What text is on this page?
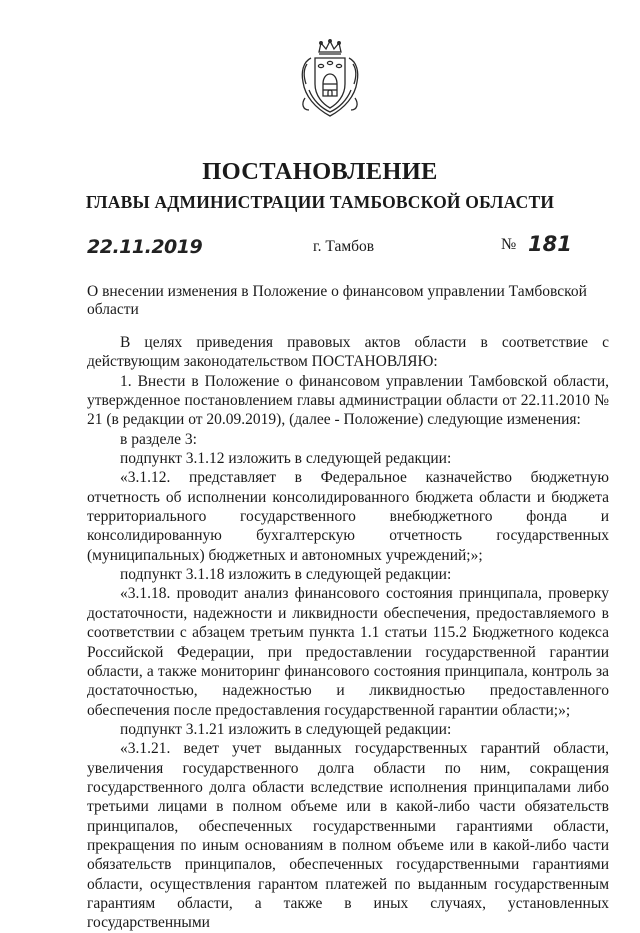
ПОСТАНОВЛЕНИЕ
ГЛАВЫ АДМИНИСТРАЦИИ ТАМБОВСКОЙ ОБЛАСТИ
22.11.2019	г. Тамбов	№ 181
О внесении изменения в Положение о финансовом управлении Тамбовской области

В целях приведения правовых актов области в соответствие с действующим законодательством ПОСТАНОВЛЯЮ:

1. Внести в Положение о финансовом управлении Тамбовской области, утвержденное постановлением главы администрации области от 22.11.2010 № 21 (в редакции от 20.09.2019), (далее - Положение) следующие изменения:

в разделе 3:

подпункт 3.1.12 изложить в следующей редакции:

«3.1.12. представляет в Федеральное казначейство бюджетную отчетность об исполнении консолидированного бюджета области и бюджета территориального государственного внебюджетного фонда и консолидированную бухгалтерскую отчетность государственных (муниципальных) бюджетных и автономных учреждений;»;

подпункт 3.1.18 изложить в следующей редакции:

«3.1.18. проводит анализ финансового состояния принципала, проверку достаточности, надежности и ликвидности обеспечения, предоставляемого в соответствии с абзацем третьим пункта 1.1 статьи 115.2 Бюджетного кодекса Российской Федерации, при предоставлении государственной гарантии области, а также мониторинг финансового состояния принципала, контроль за достаточностью, надежностью и ликвидностью предоставленного обеспечения после предоставления государственной гарантии области;»;

подпункт 3.1.21 изложить в следующей редакции:

«3.1.21. ведет учет выданных государственных гарантий области, увеличения государственного долга области по ним, сокращения государственного долга области вследствие исполнения принципалами либо третьими лицами в полном объеме или в какой-либо части обязательств принципалов, обеспеченных государственными гарантиями области, прекращения по иным основаниям в полном объеме или в какой-либо части обязательств принципалов, обеспеченных государственными гарантиями области, осуществления гарантом платежей по выданным государственным гарантиям области, а также в иных случаях, установленных государственными
